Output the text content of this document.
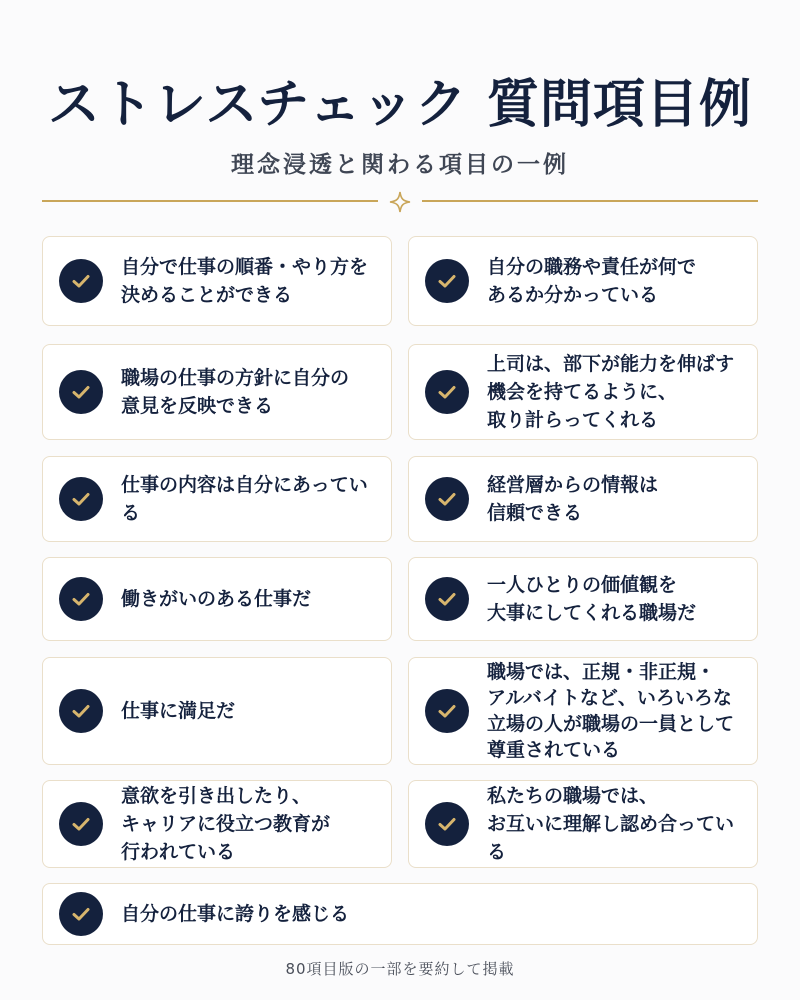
ストレスチェック 質問項目例
理念浸透と関わる項目の一例
自分で仕事の順番・やり方を
決めることができる
自分の職務や責任が何で
あるか分かっている
職場の仕事の方針に自分の
意見を反映できる
上司は、部下が能力を伸ばす
機会を持てるように、
取り計らってくれる
仕事の内容は自分にあっている
経営層からの情報は
信頼できる
働きがいのある仕事だ
一人ひとりの価値観を
大事にしてくれる職場だ
仕事に満足だ
職場では、正規・非正規・
アルバイトなど、いろいろな
立場の人が職場の一員として
尊重されている
意欲を引き出したり、
キャリアに役立つ教育が
行われている
私たちの職場では、
お互いに理解し認め合っている
自分の仕事に誇りを感じる
80項目版の一部を要約して掲載
